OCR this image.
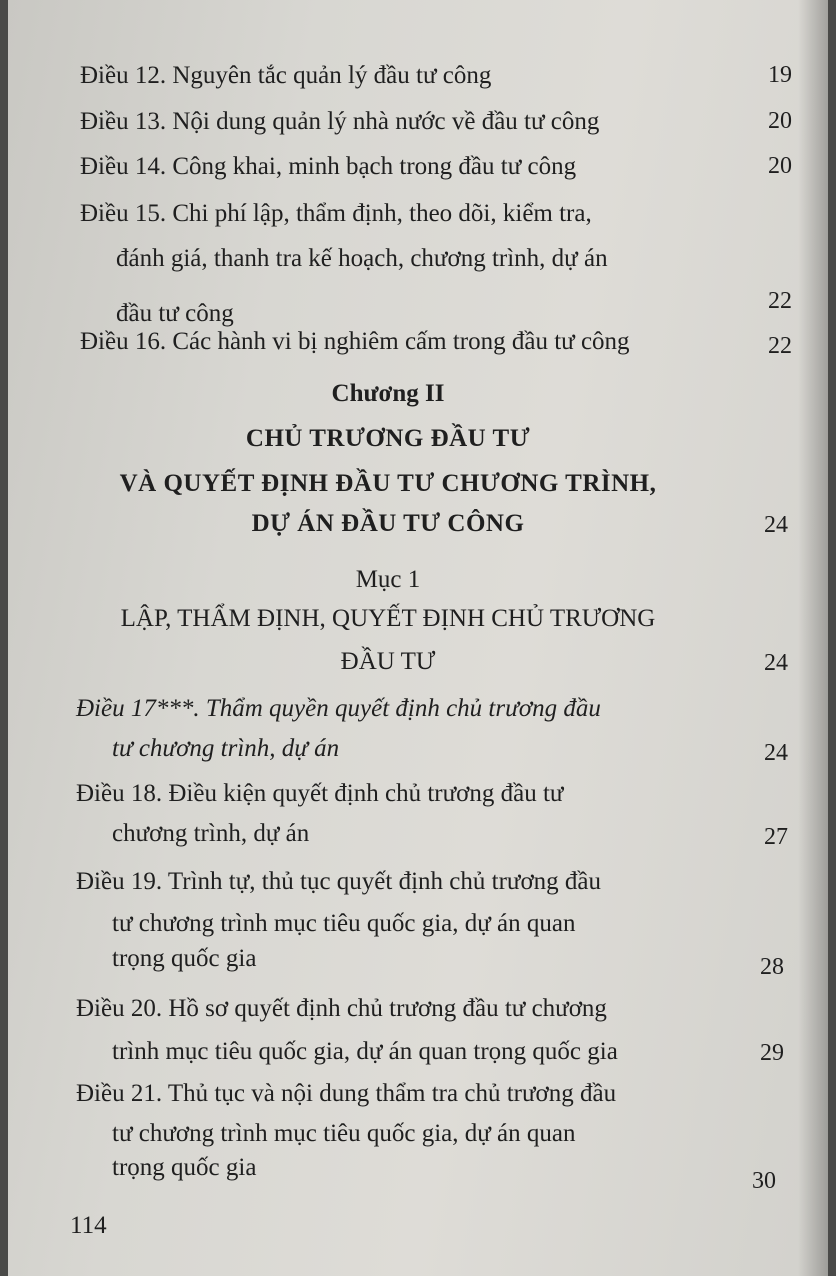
Điều 12. Nguyên tắc quản lý đầu tư công	19
Điều 13. Nội dung quản lý nhà nước về đầu tư công	20
Điều 14. Công khai, minh bạch trong đầu tư công	20
Điều 15. Chi phí lập, thẩm định, theo dõi, kiểm tra,
đánh giá, thanh tra kế hoạch, chương trình, dự án
đầu tư công	22
Điều 16. Các hành vi bị nghiêm cấm trong đầu tư công	22
Chương II
CHỦ TRƯƠNG ĐẦU TƯ
VÀ QUYẾT ĐỊNH ĐẦU TƯ CHƯƠNG TRÌNH,
DỰ ÁN ĐẦU TƯ CÔNG	24
Mục 1
LẬP, THẨM ĐỊNH, QUYẾT ĐỊNH CHỦ TRƯƠNG
ĐẦU TƯ	24
Điều 17***. Thẩm quyền quyết định chủ trương đầu
tư chương trình, dự án	24
Điều 18. Điều kiện quyết định chủ trương đầu tư
chương trình, dự án	27
Điều 19. Trình tự, thủ tục quyết định chủ trương đầu
tư chương trình mục tiêu quốc gia, dự án quan
trọng quốc gia	28
Điều 20. Hồ sơ quyết định chủ trương đầu tư chương
trình mục tiêu quốc gia, dự án quan trọng quốc gia	29
Điều 21. Thủ tục và nội dung thẩm tra chủ trương đầu
tư chương trình mục tiêu quốc gia, dự án quan
trọng quốc gia	30
114
